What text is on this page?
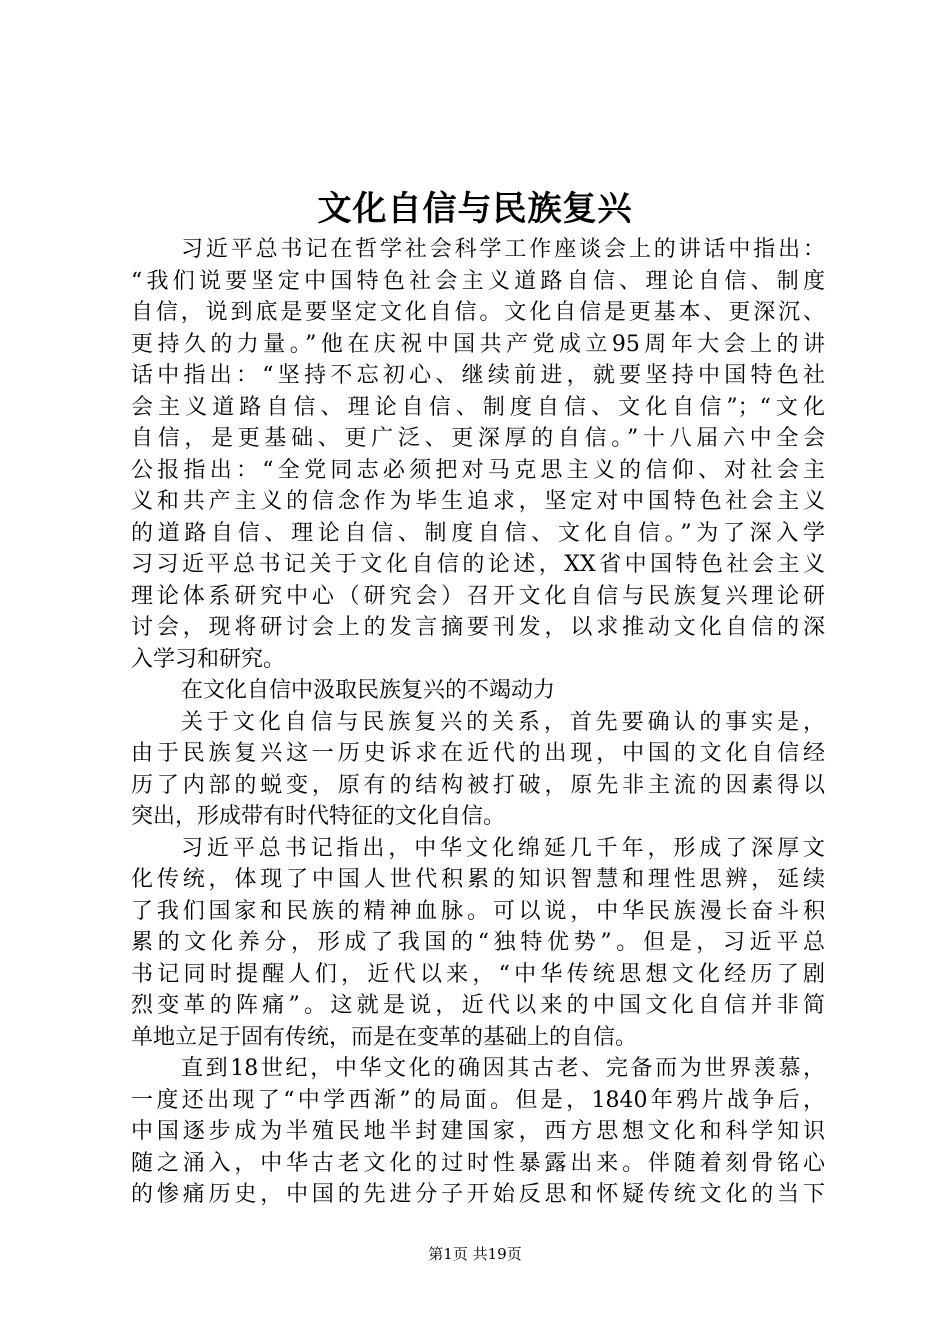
文化自信与民族复兴
习近平总书记在哲学社会科学工作座谈会上的讲话中指出：
“我们说要坚定中国特色社会主义道路自信、理论自信、制度
自信，说到底是要坚定文化自信。文化自信是更基本、更深沉、
更持久的力量。”他在庆祝中国共产党成立95周年大会上的讲
话中指出：“坚持不忘初心、继续前进，就要坚持中国特色社
会主义道路自信、理论自信、制度自信、文化自信”；“文化
自信，是更基础、更广泛、更深厚的自信。”十八届六中全会
公报指出：“全党同志必须把对马克思主义的信仰、对社会主
义和共产主义的信念作为毕生追求，坚定对中国特色社会主义
的道路自信、理论自信、制度自信、文化自信。”为了深入学
习习近平总书记关于文化自信的论述，XX省中国特色社会主义
理论体系研究中心（研究会）召开文化自信与民族复兴理论研
讨会，现将研讨会上的发言摘要刊发，以求推动文化自信的深
入学习和研究。
在文化自信中汲取民族复兴的不竭动力
关于文化自信与民族复兴的关系，首先要确认的事实是，
由于民族复兴这一历史诉求在近代的出现，中国的文化自信经
历了内部的蜕变，原有的结构被打破，原先非主流的因素得以
突出，形成带有时代特征的文化自信。
习近平总书记指出，中华文化绵延几千年，形成了深厚文
化传统，体现了中国人世代积累的知识智慧和理性思辨，延续
了我们国家和民族的精神血脉。可以说，中华民族漫长奋斗积
累的文化养分，形成了我国的“独特优势”。但是，习近平总
书记同时提醒人们，近代以来，“中华传统思想文化经历了剧
烈变革的阵痛”。这就是说，近代以来的中国文化自信并非简
单地立足于固有传统，而是在变革的基础上的自信。
直到18世纪，中华文化的确因其古老、完备而为世界羡慕，
一度还出现了“中学西渐”的局面。但是，1840年鸦片战争后，
中国逐步成为半殖民地半封建国家，西方思想文化和科学知识
随之涌入，中华古老文化的过时性暴露出来。伴随着刻骨铭心
的惨痛历史，中国的先进分子开始反思和怀疑传统文化的当下
第1页 共19页
